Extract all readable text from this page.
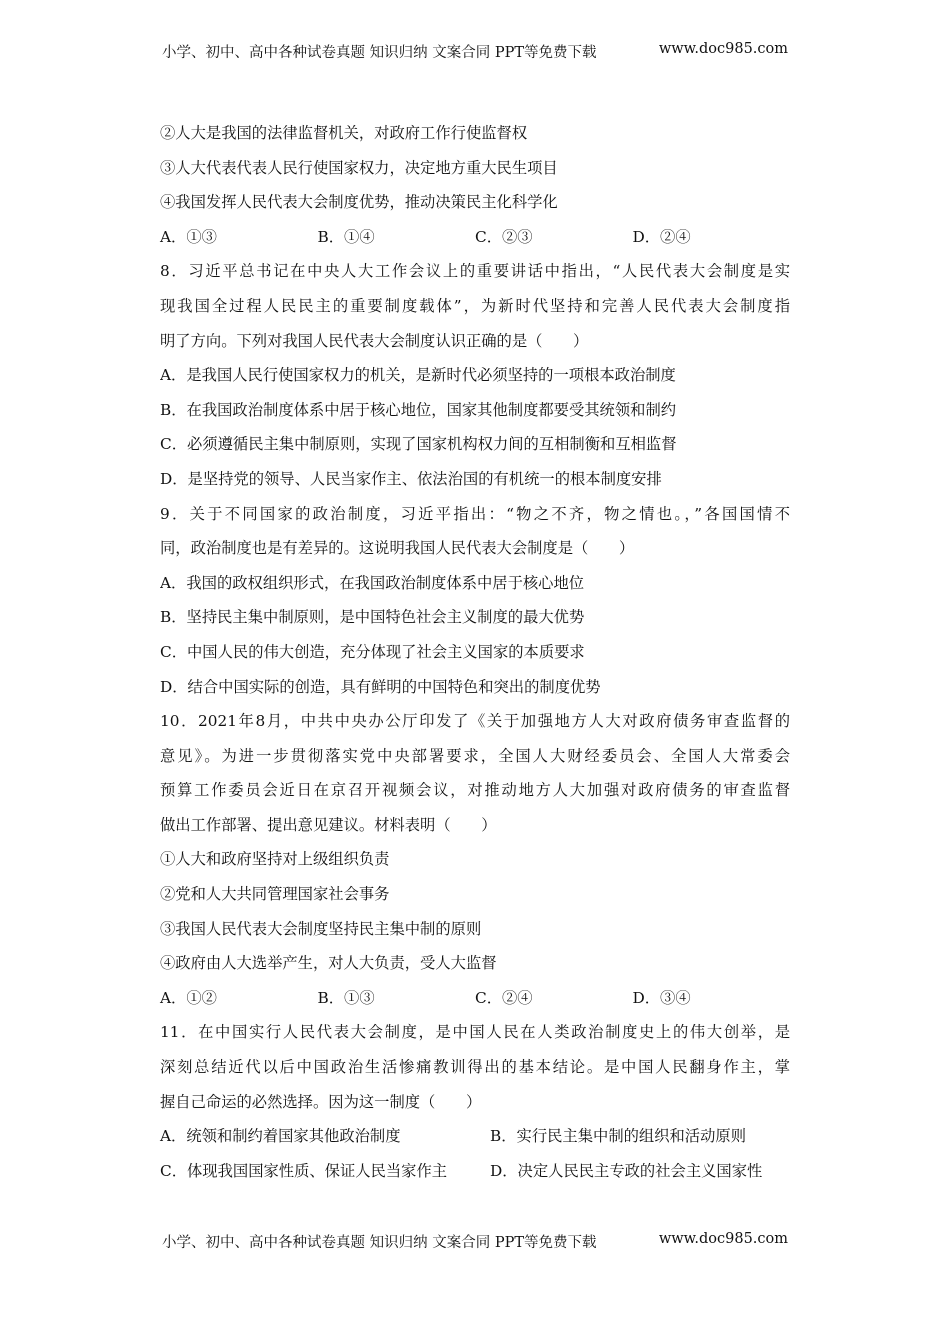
小学、初中、高中各种试卷真题 知识归纳 文案合同 PPT等免费下载	www.doc985.com
②人大是我国的法律监督机关，对政府工作行使监督权
③人大代表代表人民行使国家权力，决定地方重大民生项目
④我国发挥人民代表大会制度优势，推动决策民主化科学化
A．①③	B．①④	C．②③	D．②④
8．习近平总书记在中央人大工作会议上的重要讲话中指出，“人民代表大会制度是实
现我国全过程人民民主的重要制度载体”，为新时代坚持和完善人民代表大会制度指
明了方向。下列对我国人民代表大会制度认识正确的是（　　）
A．是我国人民行使国家权力的机关，是新时代必须坚持的一项根本政治制度
B．在我国政治制度体系中居于核心地位，国家其他制度都要受其统领和制约
C．必须遵循民主集中制原则，实现了国家机构权力间的互相制衡和互相监督
D．是坚持党的领导、人民当家作主、依法治国的有机统一的根本制度安排
9．关于不同国家的政治制度，习近平指出：“物之不齐，物之情也。，”各国国情不
同，政治制度也是有差异的。这说明我国人民代表大会制度是（　　）
A．我国的政权组织形式，在我国政治制度体系中居于核心地位
B．坚持民主集中制原则，是中国特色社会主义制度的最大优势
C．中国人民的伟大创造，充分体现了社会主义国家的本质要求
D．结合中国实际的创造，具有鲜明的中国特色和突出的制度优势
10．2021年8月，中共中央办公厅印发了《关于加强地方人大对政府债务审查监督的
意见》。为进一步贯彻落实党中央部署要求，全国人大财经委员会、全国人大常委会
预算工作委员会近日在京召开视频会议，对推动地方人大加强对政府债务的审查监督
做出工作部署、提出意见建议。材料表明（　　）
①人大和政府坚持对上级组织负责
②党和人大共同管理国家社会事务
③我国人民代表大会制度坚持民主集中制的原则
④政府由人大选举产生，对人大负责，受人大监督
A．①②	B．①③	C．②④	D．③④
11．在中国实行人民代表大会制度，是中国人民在人类政治制度史上的伟大创举，是
深刻总结近代以后中国政治生活惨痛教训得出的基本结论。是中国人民翻身作主，掌
握自己命运的必然选择。因为这一制度（　　）
A．统领和制约着国家其他政治制度	B．实行民主集中制的组织和活动原则
C．体现我国国家性质、保证人民当家作主	D．决定人民民主专政的社会主义国家性
小学、初中、高中各种试卷真题 知识归纳 文案合同 PPT等免费下载	www.doc985.com
